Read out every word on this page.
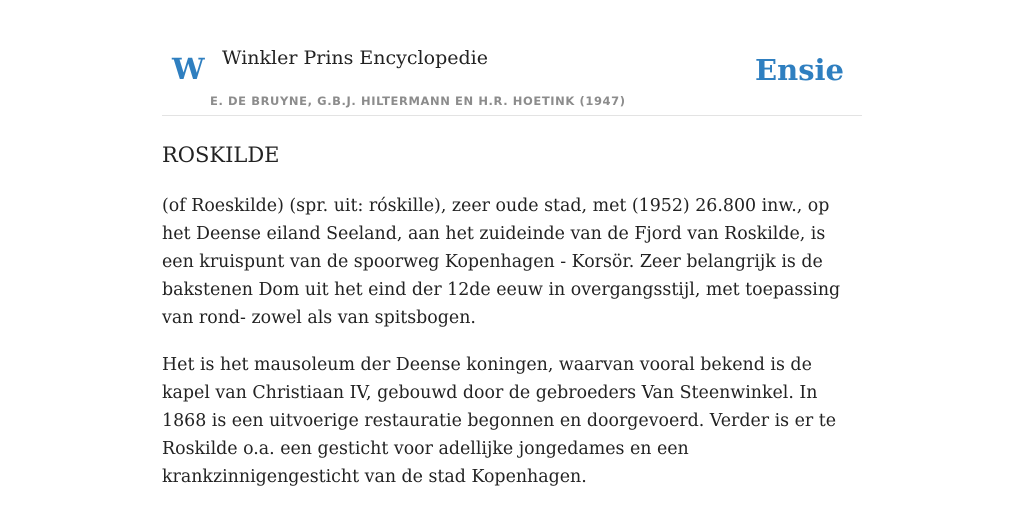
W Winkler Prins Encyclopedie
E. DE BRUYNE, G.B.J. HILTERMANN EN H.R. HOETINK (1947)
Ensie
ROSKILDE

(of Roeskilde) (spr. uit: róskille), zeer oude stad, met (1952) 26.800 inw., op het Deense eiland Seeland, aan het zuideinde van de Fjord van Roskilde, is een kruispunt van de spoorweg Kopenhagen - Korsör. Zeer belangrijk is de bakstenen Dom uit het eind der 12de eeuw in overgangsstijl, met toepassing van rond- zowel als van spitsbogen.

Het is het mausoleum der Deense koningen, waarvan vooral bekend is de kapel van Christiaan IV, gebouwd door de gebroeders Van Steenwinkel. In 1868 is een uitvoerige restauratie begonnen en doorgevoerd. Verder is er te Roskilde o.a. een gesticht voor adellijke jongedames en een krankzinnigengesticht van de stad Kopenhagen.
